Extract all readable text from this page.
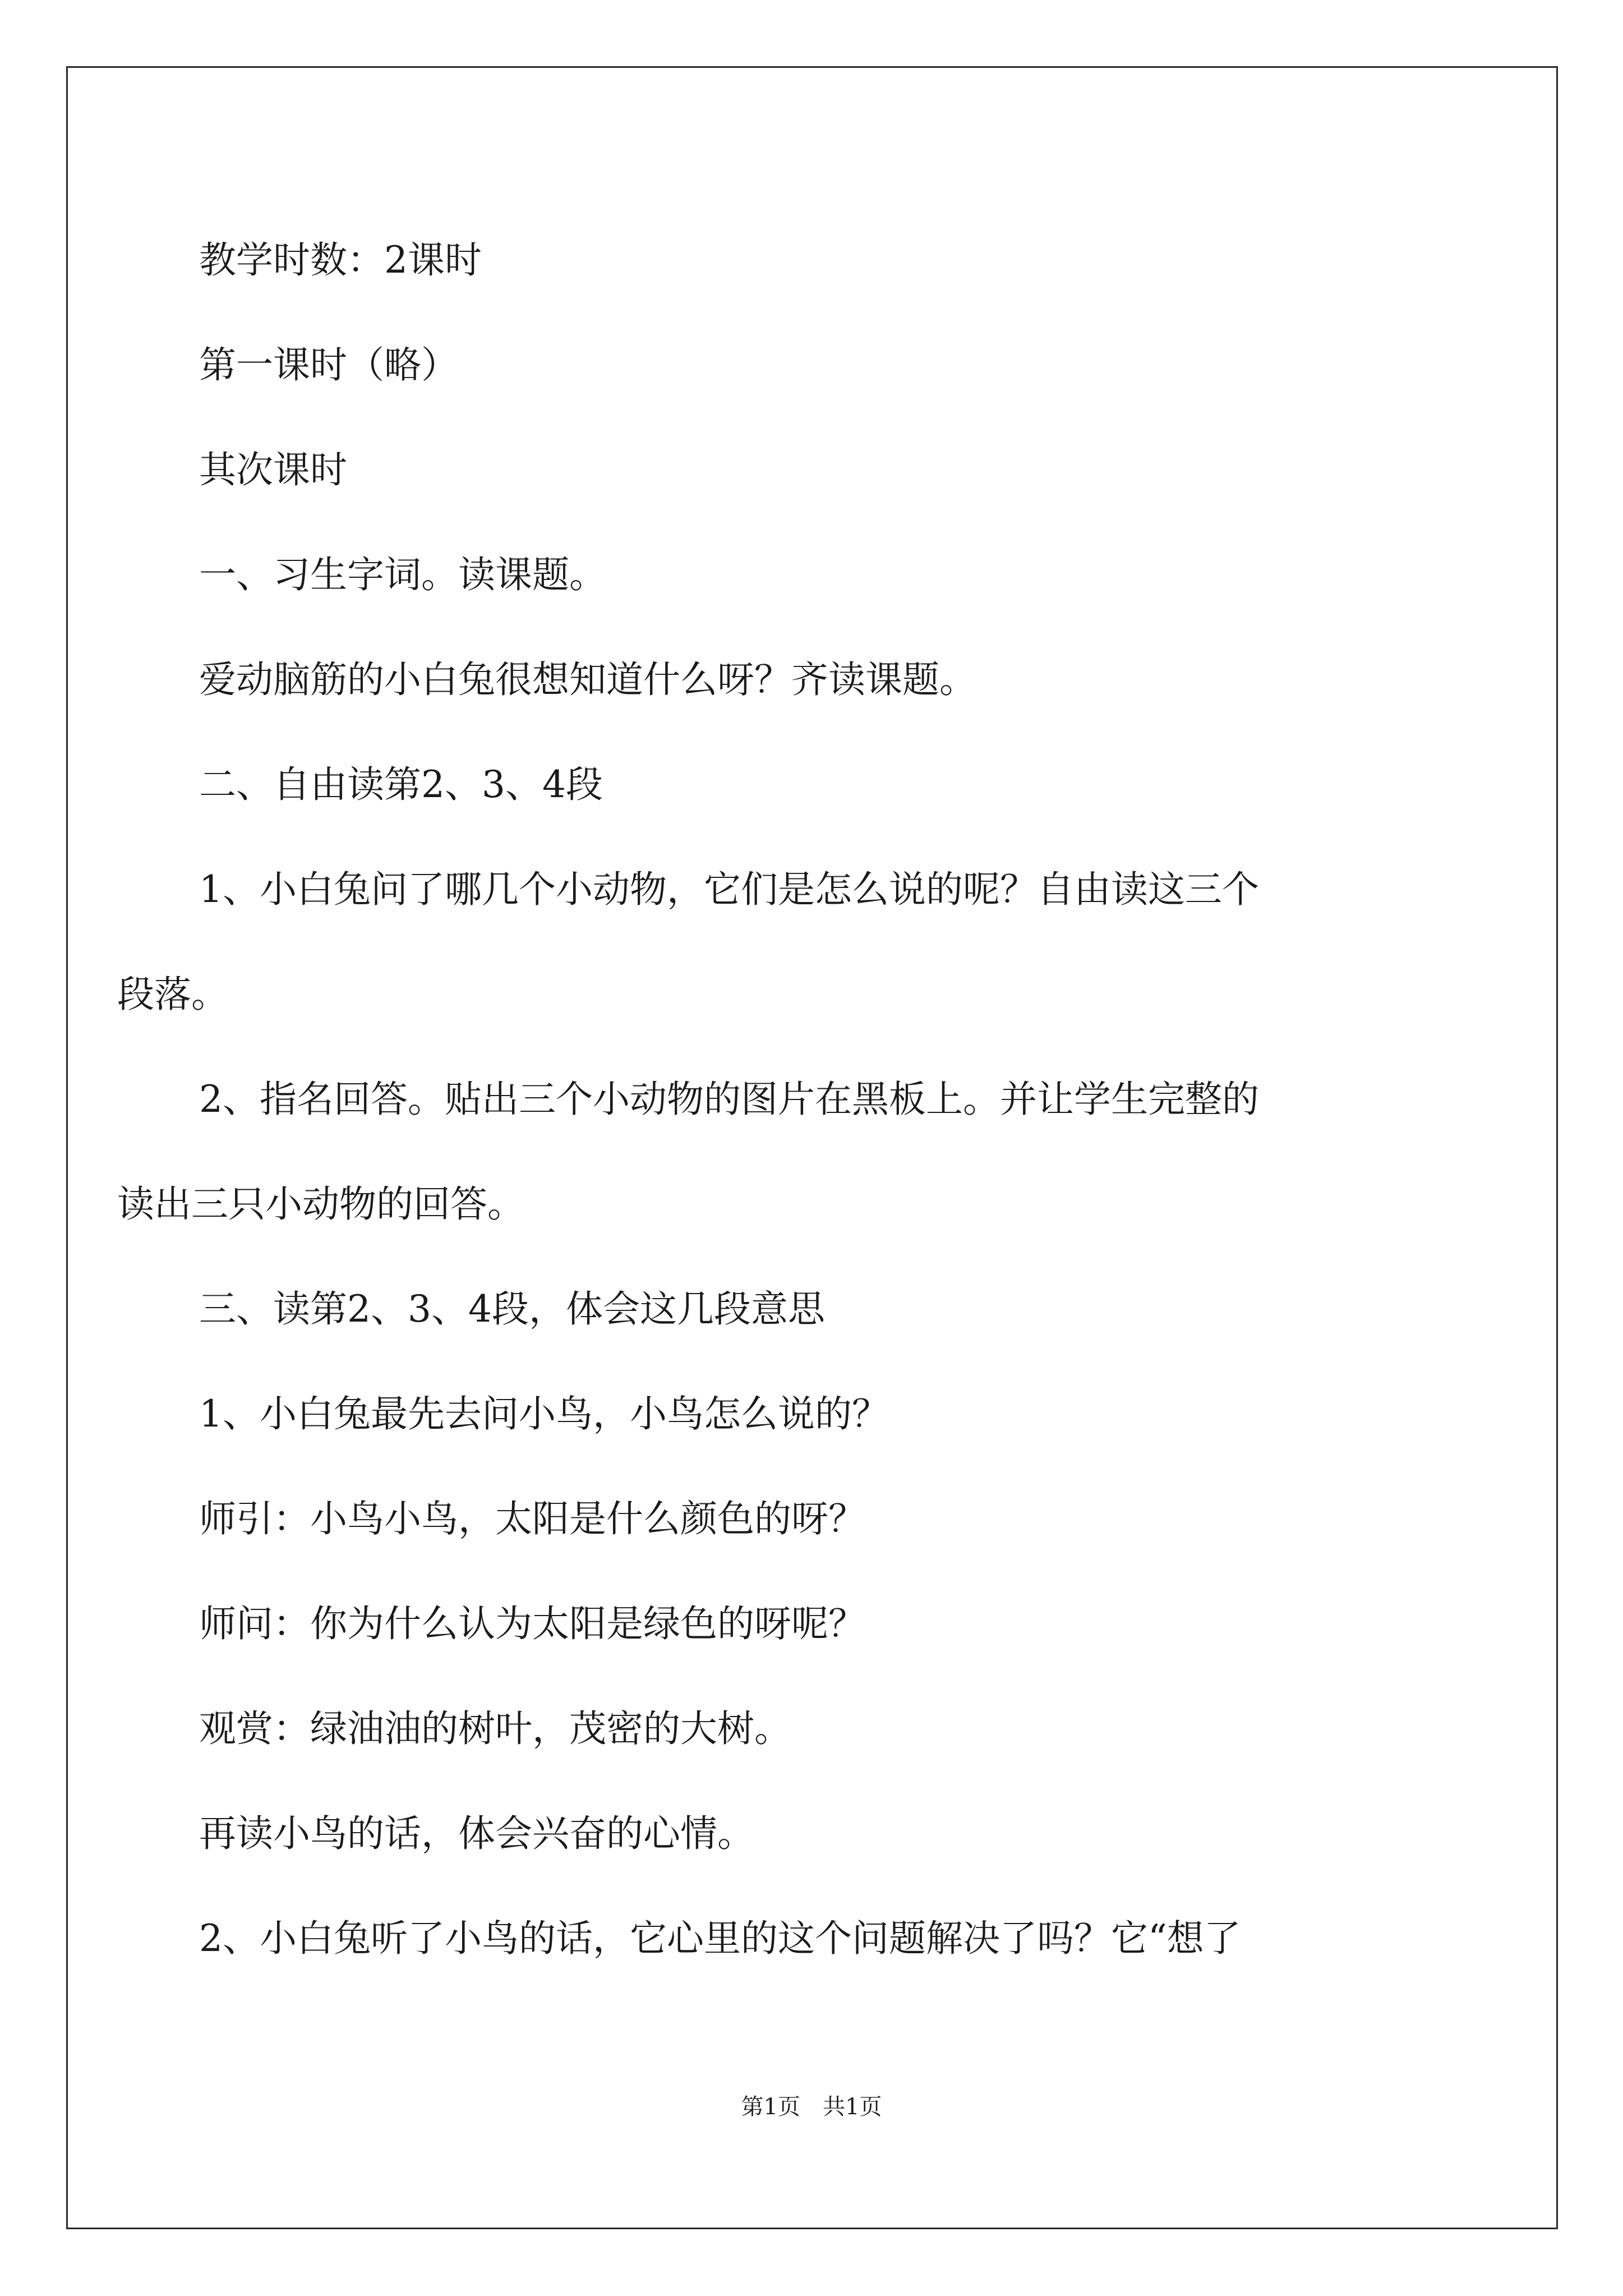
教学时数：2课时

第一课时（略）

其次课时

一、习生字词。读课题。

爱动脑筋的小白兔很想知道什么呀？齐读课题。

二、自由读第2、3、4段

1、小白兔问了哪几个小动物，它们是怎么说的呢？自由读这三个

段落。

2、指名回答。贴出三个小动物的图片在黑板上。并让学生完整的

读出三只小动物的回答。

三、读第2、3、4段，体会这几段意思

1、小白兔最先去问小鸟，小鸟怎么说的？

师引：小鸟小鸟，太阳是什么颜色的呀？

师问：你为什么认为太阳是绿色的呀呢？

观赏：绿油油的树叶，茂密的大树。

再读小鸟的话，体会兴奋的心情。

2、小白兔听了小鸟的话，它心里的这个问题解决了吗？它“想了

第1页　共1页
